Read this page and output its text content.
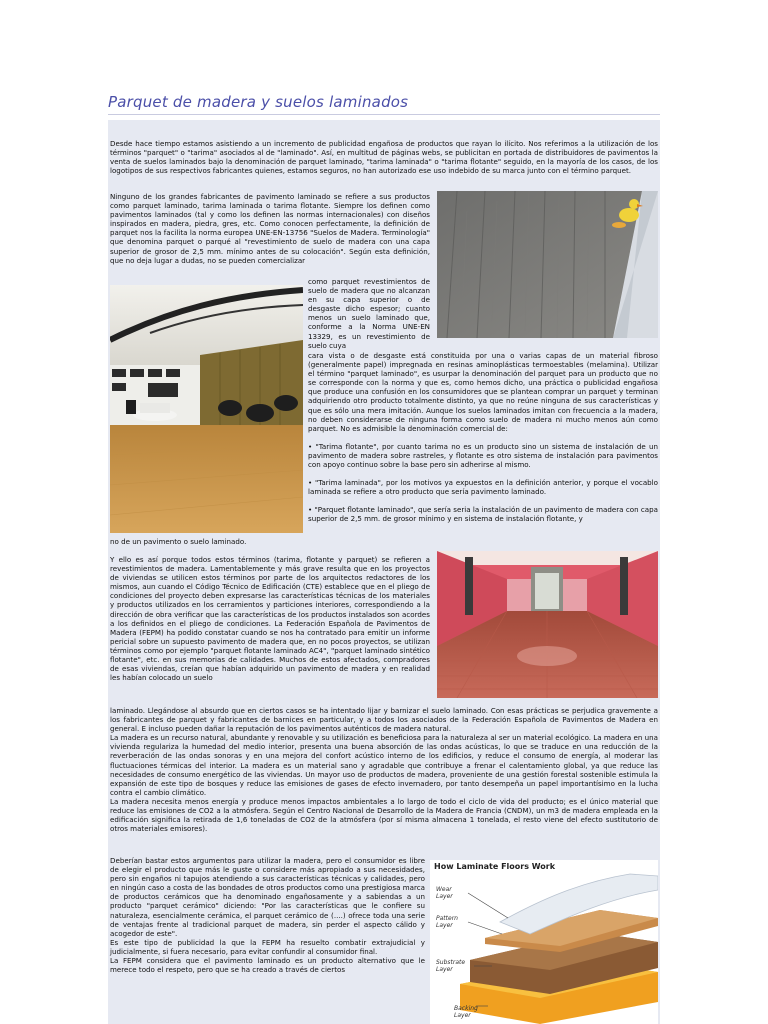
Parquet de madera y suelos laminados

Desde hace tiempo estamos asistiendo a un incremento de publicidad engañosa de productos que rayan lo ilícito. Nos referimos a la utilización de los términos "parquet" o "tarima" asociados al de "laminado". Así, en multitud de páginas webs, se publicitan en portada de distribuidores de pavimentos la venta de suelos laminados bajo la denominación de parquet laminado, "tarima laminada" o "tarima flotante" seguido, en la mayoría de los casos, de los logotipos de sus respectivos fabricantes quienes, estamos seguros, no han autorizado ese uso indebido de su marca junto con el término parquet.

Ninguno de los grandes fabricantes de pavimento laminado se refiere a sus productos como parquet laminado, tarima laminada o tarima flotante. Siempre los definen como pavimentos laminados (tal y como los definen las normas internacionales) con diseños inspirados en madera, piedra, gres, etc. Como conocen perfectamente, la definición de parquet nos la facilita la norma europea UNE-EN-13756 "Suelos de Madera. Terminología" que denomina parquet o parqué al "revestimiento de suelo de madera con una capa superior de grosor de 2,5 mm. mínimo antes de su colocación". Según esta definición, que no deja lugar a dudas, no se pueden comercializar

como parquet revestimientos de suelo de madera que no alcanzan en su capa superior o de desgaste dicho espesor; cuanto menos un suelo laminado que, conforme a la Norma UNE-EN 13329, es un revestimiento de suelo cuya

cara vista o de desgaste está constituida por una o varias capas de un material fibroso (generalmente papel) impregnada en resinas aminoplásticas termoestables (melamina). Utilizar el término "parquet laminado", es usurpar la denominación del parquet para un producto que no se corresponde con la norma y que es, como hemos dicho, una práctica o publicidad engañosa que produce una confusión en los consumidores que se plantean comprar un parquet y terminan adquiriendo otro producto totalmente distinto, ya que no reúne ninguna de sus características y que es sólo una mera imitación. Aunque los suelos laminados imitan con frecuencia a la madera, no deben considerarse de ninguna forma como suelo de madera ni mucho menos aún como parquet. No es admisible la denominación comercial de:

• "Tarima flotante", por cuanto tarima no es un producto sino un sistema de instalación de un pavimento de madera sobre rastreles, y flotante es otro sistema de instalación para pavimentos con apoyo continuo sobre la base pero sin adherirse al mismo.

• "Tarima laminada", por los motivos ya expuestos en la definición anterior, y porque el vocablo laminada se refiere a otro producto que sería pavimento laminado.

• "Parquet flotante laminado", que sería seria la instalación de un pavimento de madera con capa superior de 2,5 mm. de grosor mínimo y en sistema de instalación flotante, y

no de un pavimento o suelo laminado.

Y ello es así porque todos estos términos (tarima, flotante y parquet) se refieren a revestimientos de madera. Lamentablemente y más grave resulta que en los proyectos de viviendas se utilicen estos términos por parte de los arquitectos redactores de los mismos, aun cuando el Código Técnico de Edificación (CTE) establece que en el pliego de condiciones del proyecto deben expresarse las características técnicas de los materiales y productos utilizados en los cerramientos y particiones interiores, correspondiendo a la dirección de obra verificar que las características de los productos instalados son acordes a los definidos en el pliego de condiciones. La Federación Española de Pavimentos de Madera (FEPM) ha podido constatar cuando se nos ha contratado para emitir un informe pericial sobre un supuesto pavimento de madera que, en no pocos proyectos, se utilizan términos como por ejemplo "parquet flotante laminado AC4", "parquet laminado sintético flotante", etc. en sus memorias de calidades. Muchos de estos afectados, compradores de esas viviendas, creían que habían adquirido un pavimento de madera y en realidad les habían colocado un suelo

laminado. Llegándose al absurdo que en ciertos casos se ha intentado lijar y barnizar el suelo laminado. Con esas prácticas se perjudica gravemente a los fabricantes de parquet y fabricantes de barnices en particular, y a todos los asociados de la Federación Española de Pavimentos de Madera en general. E incluso pueden dañar la reputación de los pavimentos auténticos de madera natural.

La madera es un recurso natural, abundante y renovable y su utilización es beneficiosa para la naturaleza al ser un material ecológico. La madera en una vivienda regulariza la humedad del medio interior, presenta una buena absorción de las ondas acústicas, lo que se traduce en una reducción de la reverberación de las ondas sonoras y en una mejora del confort acústico interno de los edificios, y reduce el consumo de energía, al moderar las fluctuaciones térmicas del interior. La madera es un material sano y agradable que contribuye a frenar el calentamiento global, ya que reduce las necesidades de consumo energético de las viviendas. Un mayor uso de productos de madera, proveniente de una gestión forestal sostenible estimula la expansión de este tipo de bosques y reduce las emisiones de gases de efecto invernadero, por tanto desempeña un papel importantísimo en la lucha contra el cambio climático.

La madera necesita menos energía y produce menos impactos ambientales a lo largo de todo el ciclo de vida del producto; es el único material que reduce las emisiones de CO2 a la atmósfera. Según el Centro Nacional de Desarrollo de la Madera de Francia (CNDM), un m3 de madera empleada en la edificación significa la retirada de 1,6 toneladas de CO2 de la atmósfera (por sí misma almacena 1 tonelada, el resto viene del efecto sustitutorio de otros materiales emisores).

Deberían bastar estos argumentos para utilizar la madera, pero el consumidor es libre de elegir el producto que más le guste o considere más apropiado a sus necesidades, pero sin engaños ni tapujos atendiendo a sus características técnicas y calidades, pero en ningún caso a costa de las bondades de otros productos como una prestigiosa marca de productos cerámicos que ha denominado engañosamente y a sabiendas a un producto "parquet cerámico" diciendo: "Por las características que le confiere su naturaleza, esencialmente cerámica, el parquet cerámico de (....) ofrece toda una serie de ventajas frente al tradicional parquet de madera, sin perder el aspecto cálido y acogedor de este".

Es este tipo de publicidad la que la FEPM ha resuelto combatir extrajudicial y judicialmente, si fuera necesario, para evitar confundir al consumidor final.

La FEPM considera que el pavimento laminado es un producto alternativo que le merece todo el respeto, pero que se ha creado a través de ciertos

How Laminate Floors Work
Wear Layer
Pattern Layer
Substrate Layer
Backing Layer
